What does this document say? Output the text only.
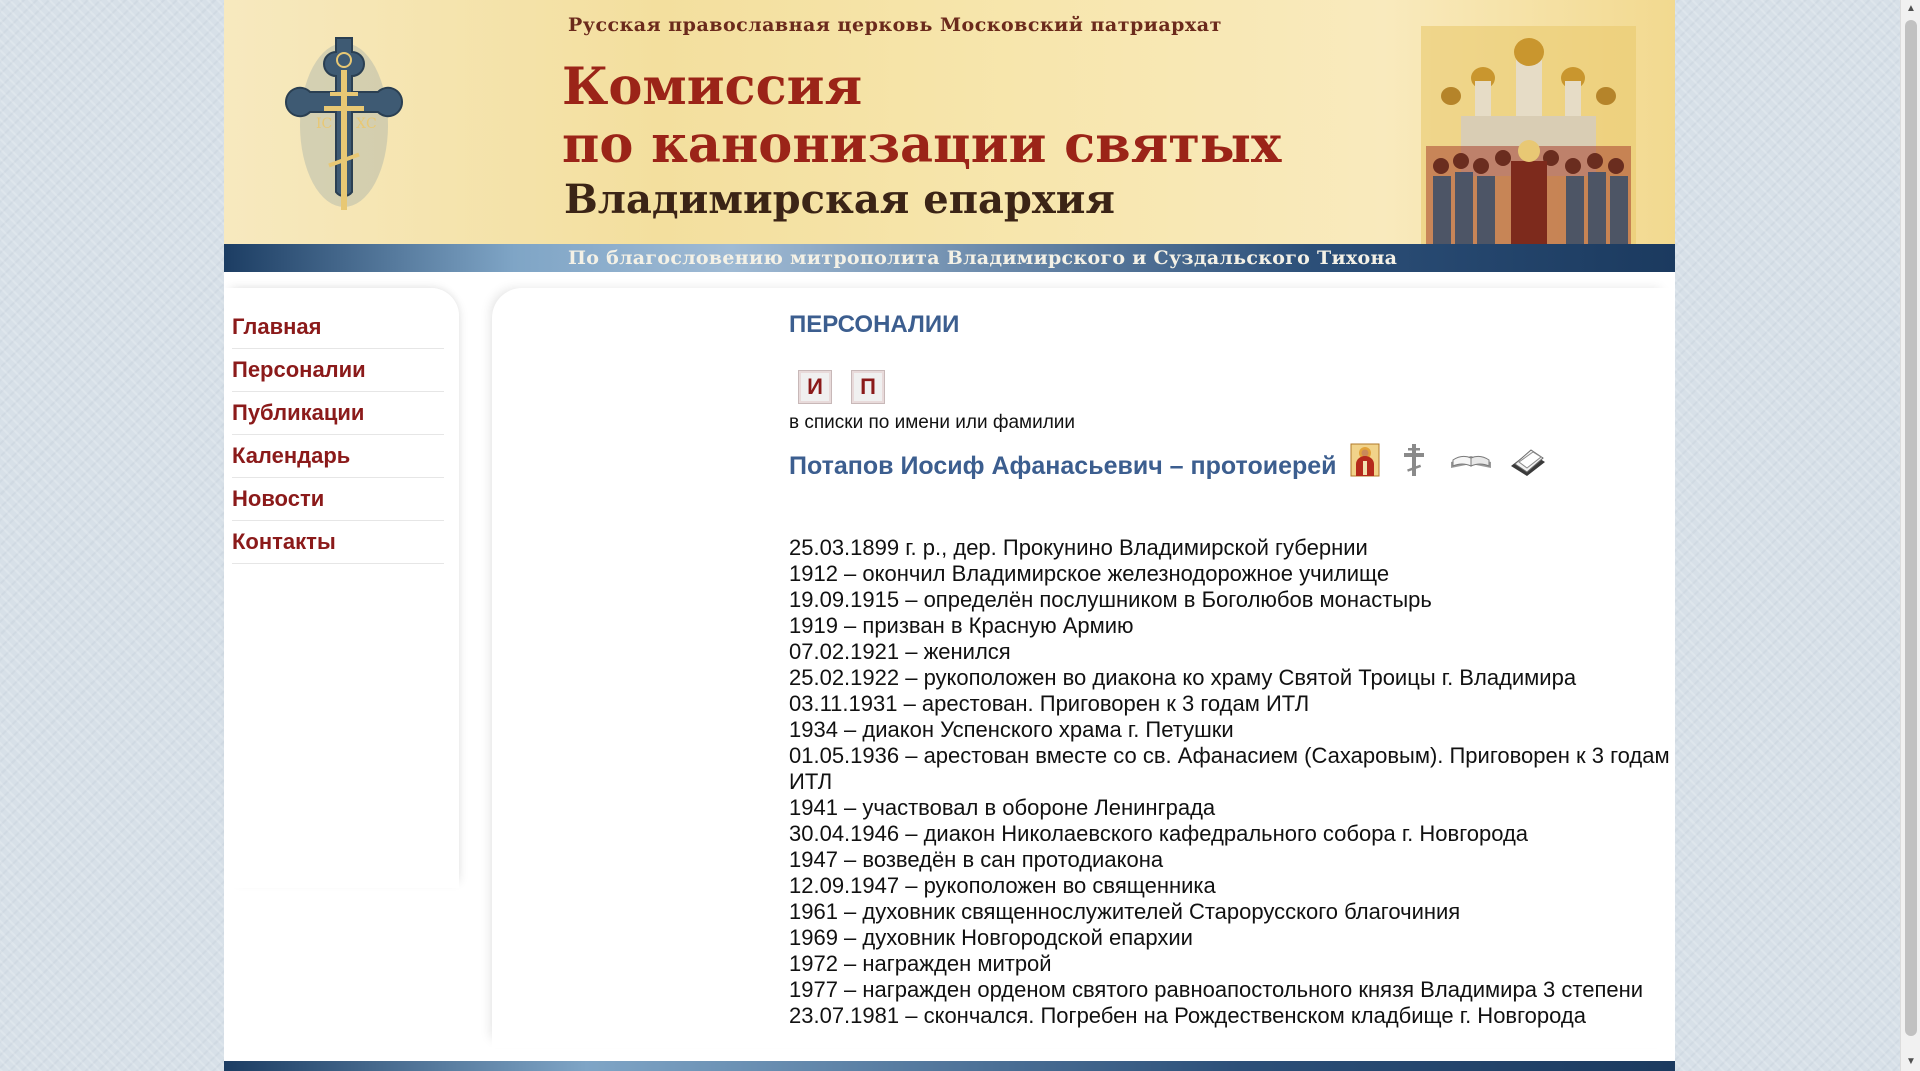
ІС ХС
Русская православная церковь Московский патриархат
Комиссия
по канонизации святых
Владимирская епархия
По благословению митрополита Владимирского и Суздальского Тихона
Главная
Персоналии
Публикации
Календарь
Новости
Контакты
ПЕРСОНАЛИИ
И	П
в списки по имени или фамилии
Потапов Иосиф Афанасьевич – протоиерей

25.03.1899 г. р., дер. Прокунино Владимирской губернии

1912 – окончил Владимирское железнодорожное училище

19.09.1915 – определён послушником в Боголюбов монастырь

1919 – призван в Красную Армию

07.02.1921 – женился

25.02.1922 – рукоположен во диакона ко храму Святой Троицы г. Владимира

03.11.1931 – арестован. Приговорен к 3 годам ИТЛ

1934 – диакон Успенского храма г. Петушки

01.05.1936 – арестован вместе со св. Афанасием (Сахаровым). Приговорен к 3 годам ИТЛ

1941 – участвовал в обороне Ленинграда

30.04.1946 – диакон Николаевского кафедрального собора г. Новгорода

1947 – возведён в сан протодиакона

12.09.1947 – рукоположен во священника

1961 – духовник священнослужителей Старорусского благочиния

1969 – духовник Новгородской епархии

1972 – награжден митрой

1977 – награжден орденом святого равноапостольного князя Владимира 3 степени

23.07.1981 – скончался. Погребен на Рождественском кладбище г. Новгорода

▲
▼
